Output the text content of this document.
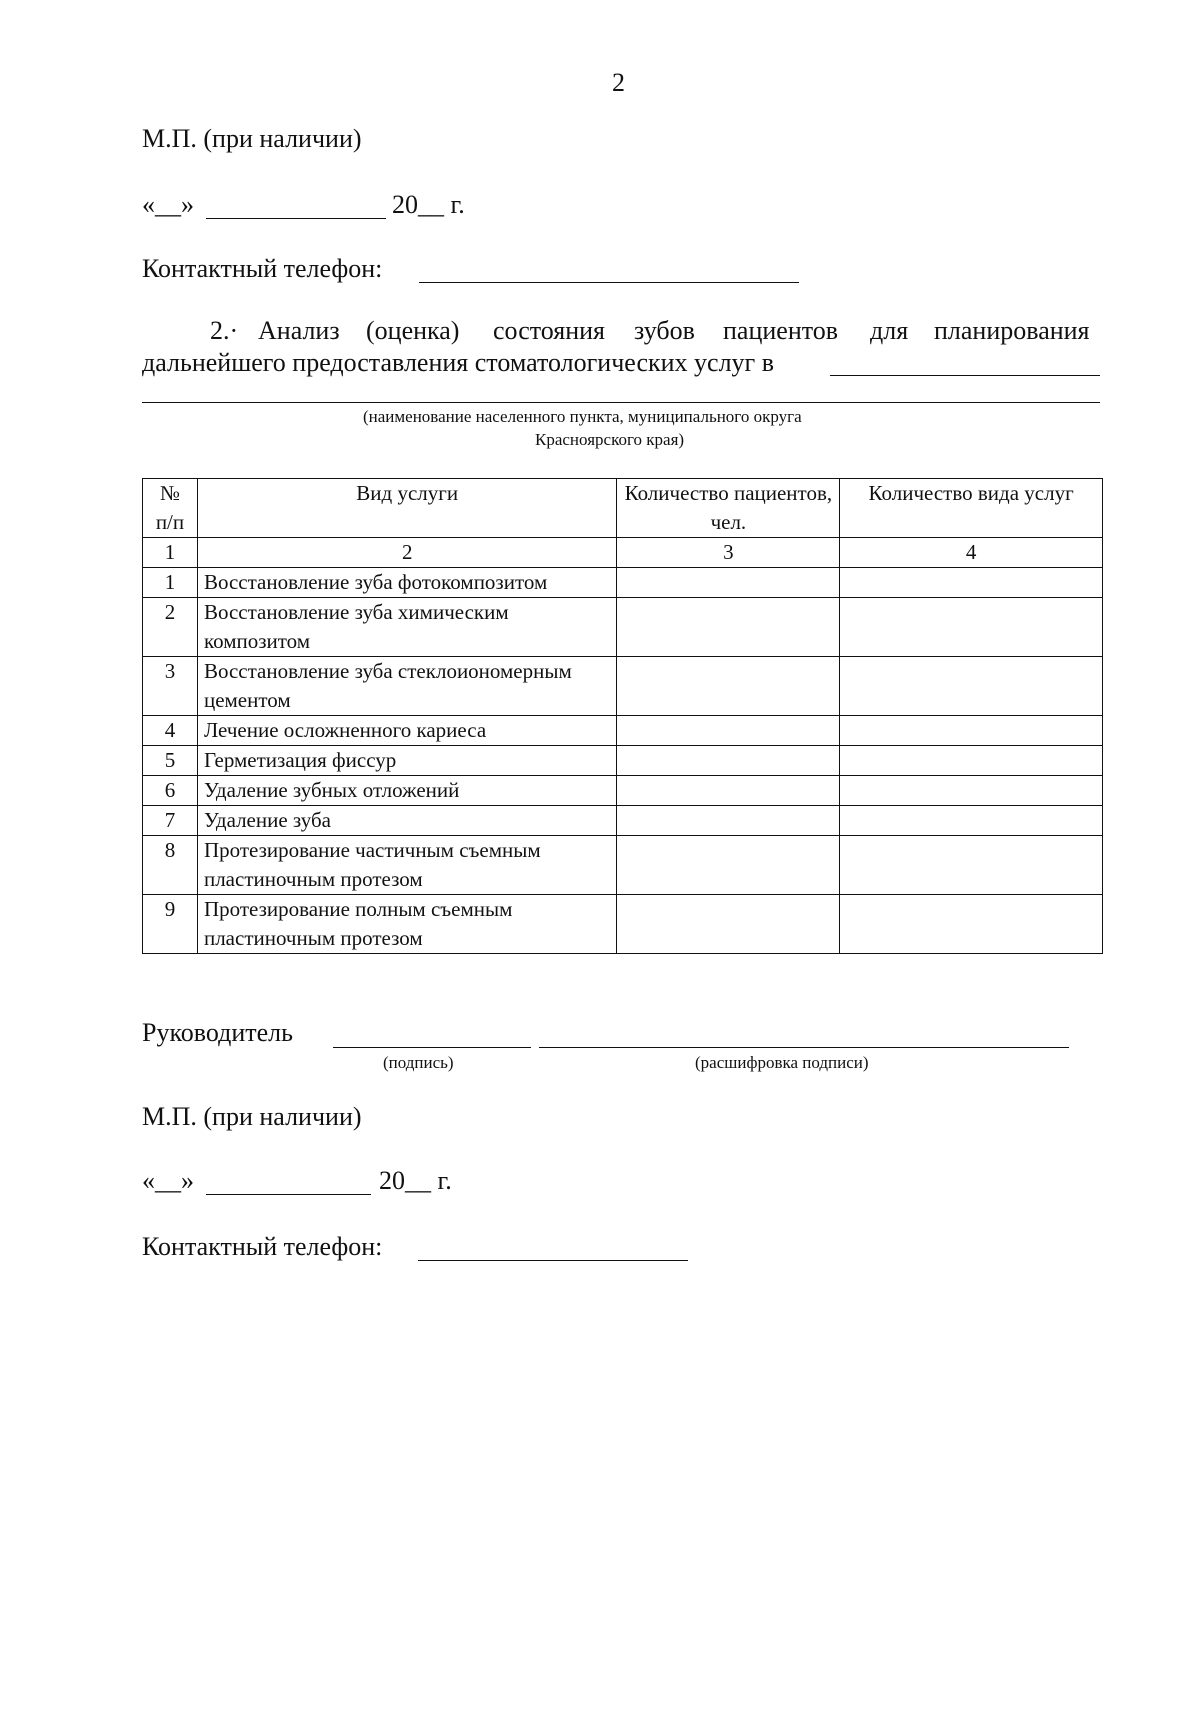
2
М.П. (при наличии)
«__»	20__ г.
Контактный телефон:
2.· Анализ (оценка) состояния зубов пациентов для планирования
дальнейшего предоставления стоматологических услуг в
(наименование населенного пункта, муниципального округа
Красноярского края)
№ п/п	Вид услуги	Количество пациентов, чел.	Количество вида услуг
1	2	3	4
1	Восстановление зуба фотокомпозитом		
2	Восстановление зуба химическим композитом		
3	Восстановление зуба стеклоиономерным цементом		
4	Лечение осложненного кариеса		
5	Герметизация фиссур		
6	Удаление зубных отложений		
7	Удаление зуба		
8	Протезирование частичным съемным пластиночным протезом		
9	Протезирование полным съемным пластиночным протезом		
Руководитель
(подпись)	(расшифровка подписи)
М.П. (при наличии)
«__»	20__ г.
Контактный телефон:
